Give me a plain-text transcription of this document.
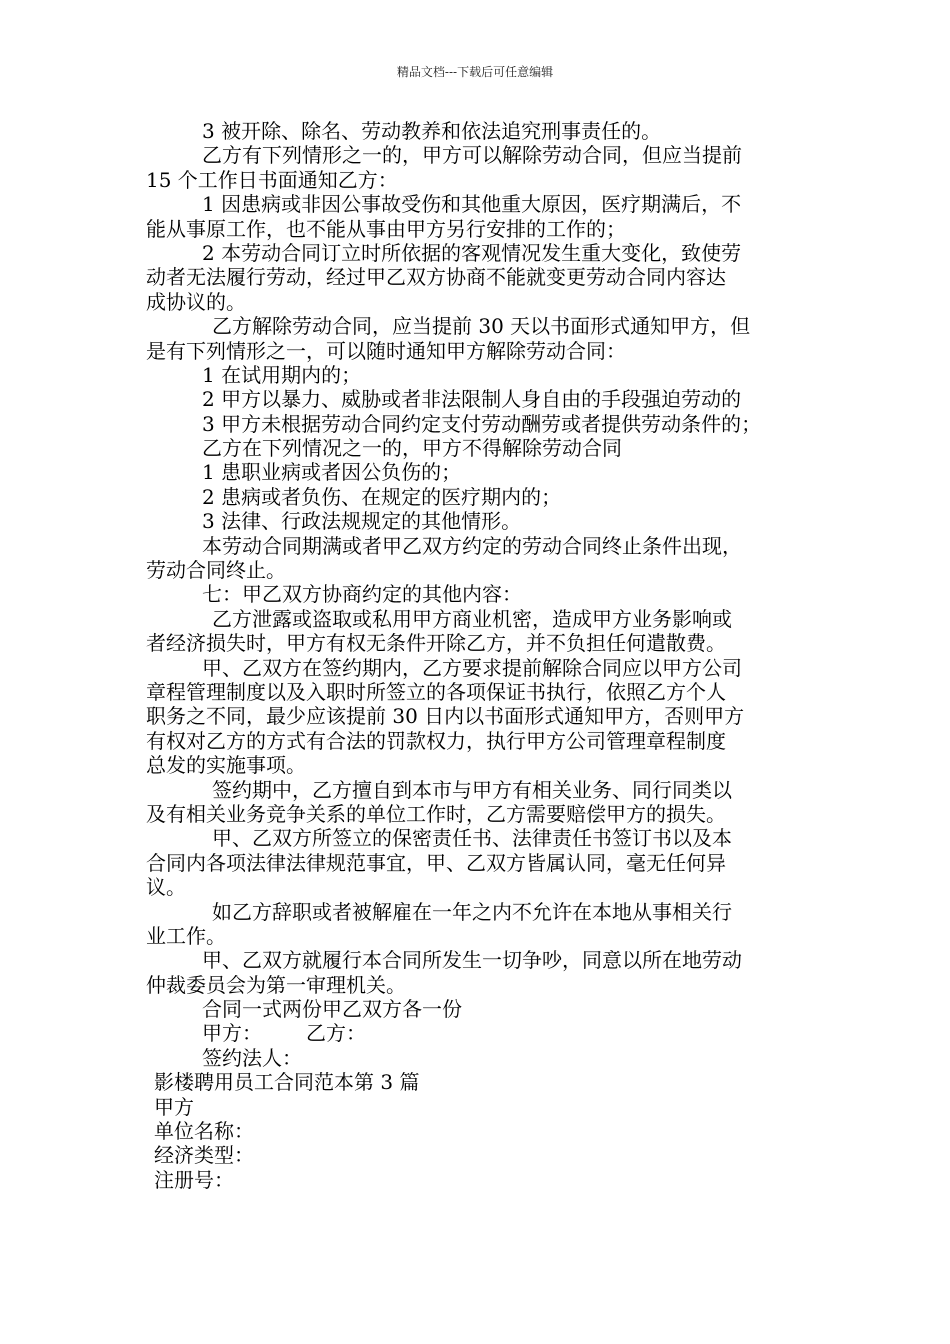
精品文档---下载后可任意编辑
3 被开除、除名、劳动教养和依法追究刑事责任的。
乙方有下列情形之一的，甲方可以解除劳动合同，但应当提前
15 个工作日书面通知乙方：
1 因患病或非因公事故受伤和其他重大原因，医疗期满后，不
能从事原工作，也不能从事由甲方另行安排的工作的；
2 本劳动合同订立时所依据的客观情况发生重大变化，致使劳
动者无法履行劳动，经过甲乙双方协商不能就变更劳动合同内容达
成协议的。
乙方解除劳动合同，应当提前 30 天以书面形式通知甲方，但
是有下列情形之一，可以随时通知甲方解除劳动合同：
1 在试用期内的；
2 甲方以暴力、威胁或者非法限制人身自由的手段强迫劳动的
3 甲方未根据劳动合同约定支付劳动酬劳或者提供劳动条件的；
乙方在下列情况之一的，甲方不得解除劳动合同
1 患职业病或者因公负伤的；
2 患病或者负伤、在规定的医疗期内的；
3 法律、行政法规规定的其他情形。
本劳动合同期满或者甲乙双方约定的劳动合同终止条件出现，
劳动合同终止。
七：甲乙双方协商约定的其他内容：
乙方泄露或盗取或私用甲方商业机密，造成甲方业务影响或
者经济损失时，甲方有权无条件开除乙方，并不负担任何遣散费。
甲、乙双方在签约期内，乙方要求提前解除合同应以甲方公司
章程管理制度以及入职时所签立的各项保证书执行，依照乙方个人
职务之不同，最少应该提前 30 日内以书面形式通知甲方，否则甲方
有权对乙方的方式有合法的罚款权力，执行甲方公司管理章程制度
总发的实施事项。
签约期中，乙方擅自到本市与甲方有相关业务、同行同类以
及有相关业务竞争关系的单位工作时，乙方需要赔偿甲方的损失。
甲、乙双方所签立的保密责任书、法律责任书签订书以及本
合同内各项法律法律规范事宜，甲、乙双方皆属认同，毫无任何异
议。
如乙方辞职或者被解雇在一年之内不允许在本地从事相关行
业工作。
甲、乙双方就履行本合同所发生一切争吵，同意以所在地劳动
仲裁委员会为第一审理机关。
合同一式两份甲乙双方各一份
甲方： 乙方：
签约法人：
影楼聘用员工合同范本第 3 篇
甲方
单位名称：
经济类型：
注册号：
